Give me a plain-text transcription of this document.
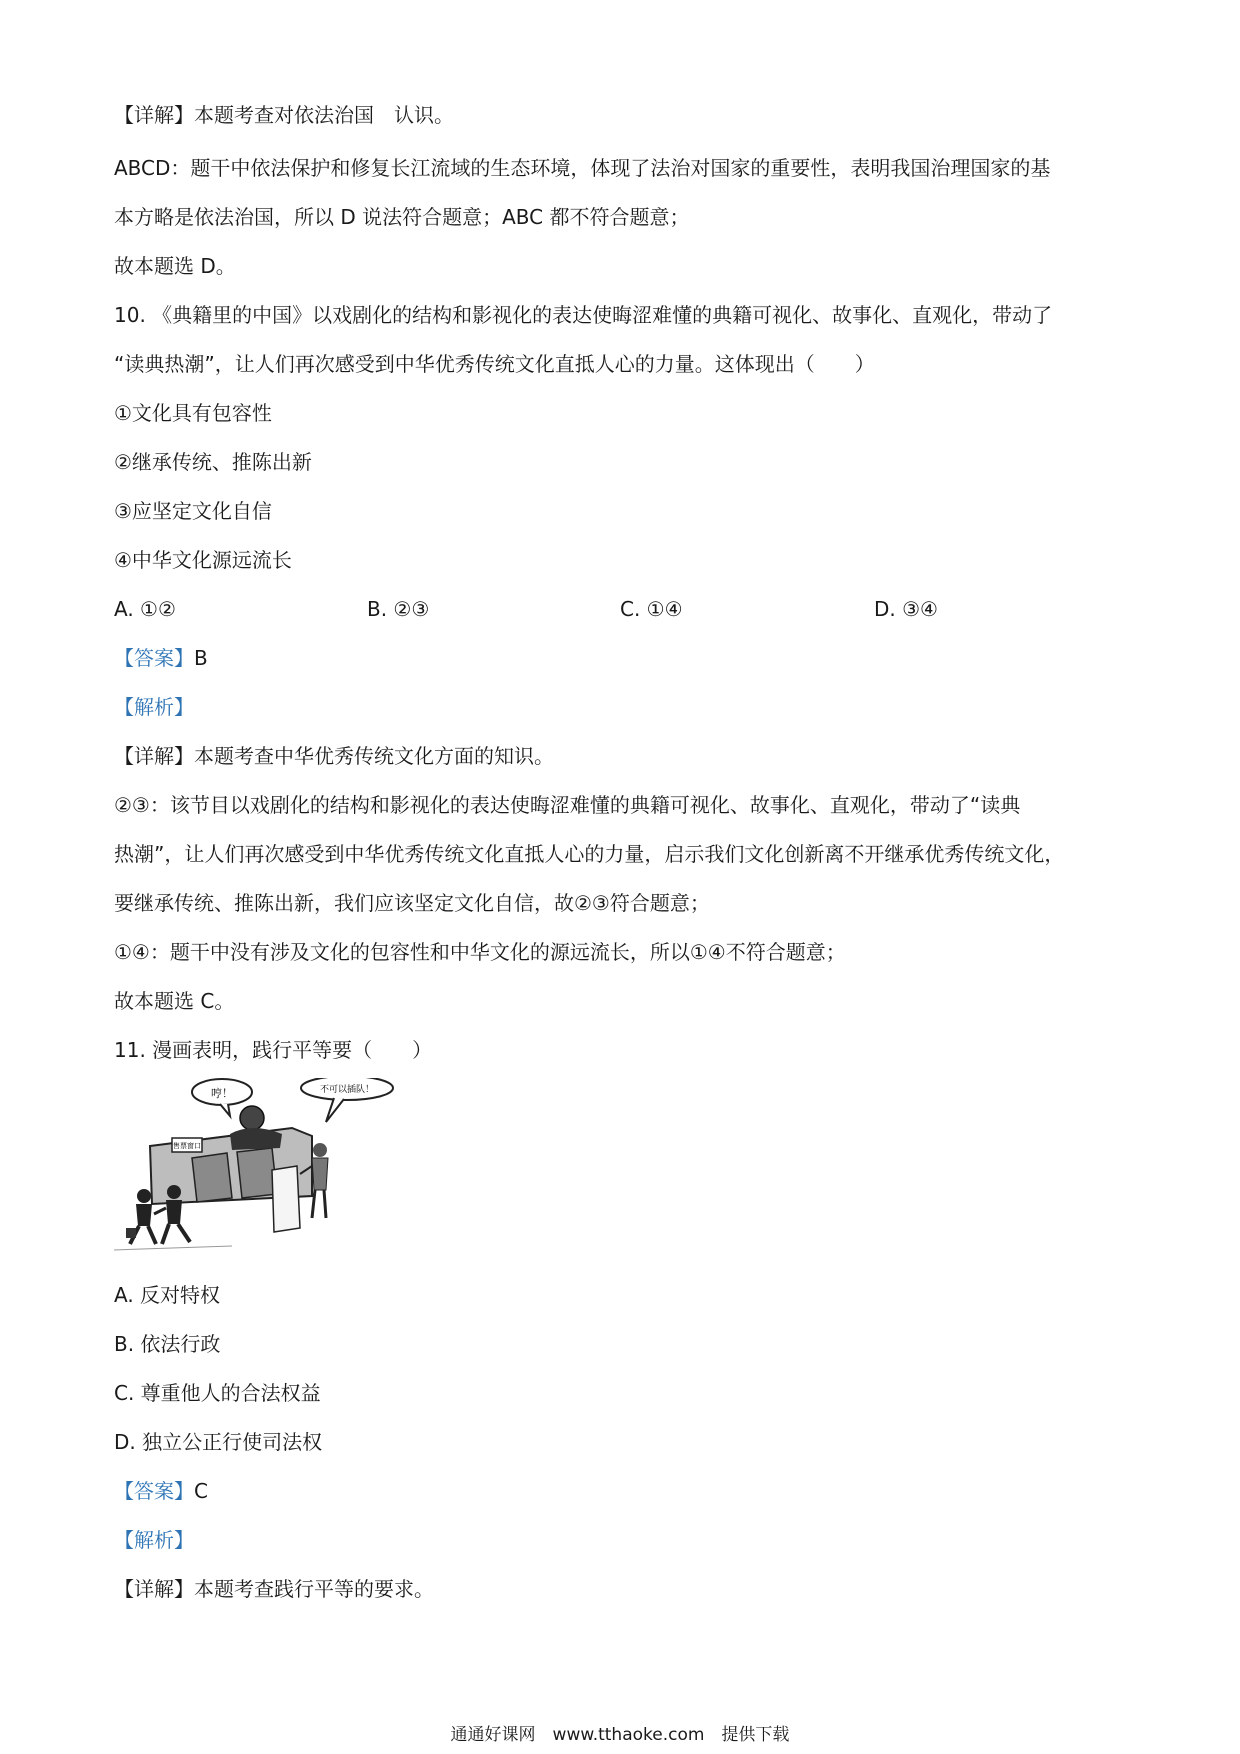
【详解】本题考查对依法治国　认识。
ABCD：题干中依法保护和修复长江流域的生态环境，体现了法治对国家的重要性，表明我国治理国家的基
本方略是依法治国，所以 D 说法符合题意；ABC 都不符合题意；
故本题选 D。
10. 《典籍里的中国》以戏剧化的结构和影视化的表达使晦涩难懂的典籍可视化、故事化、直观化，带动了
“读典热潮”，让人们再次感受到中华优秀传统文化直抵人心的力量。这体现出（　　）
①文化具有包容性
②继承传统、推陈出新
③应坚定文化自信
④中华文化源远流长
A. ①②	B. ②③	C. ①④	D. ③④
【答案】B
【解析】
【详解】本题考查中华优秀传统文化方面的知识。
②③：该节目以戏剧化的结构和影视化的表达使晦涩难懂的典籍可视化、故事化、直观化，带动了“读典
热潮”，让人们再次感受到中华优秀传统文化直抵人心的力量，启示我们文化创新离不开继承优秀传统文化，
要继承传统、推陈出新，我们应该坚定文化自信，故②③符合题意；
①④：题干中没有涉及文化的包容性和中华文化的源远流长，所以①④不符合题意；
故本题选 C。
11. 漫画表明，践行平等要（　　）
哼！	不可以插队！
售票窗口
A. 反对特权
B. 依法行政
C. 尊重他人的合法权益
D. 独立公正行使司法权
【答案】C
【解析】
【详解】本题考查践行平等的要求。
通通好课网　www.tthaoke.com　提供下载
